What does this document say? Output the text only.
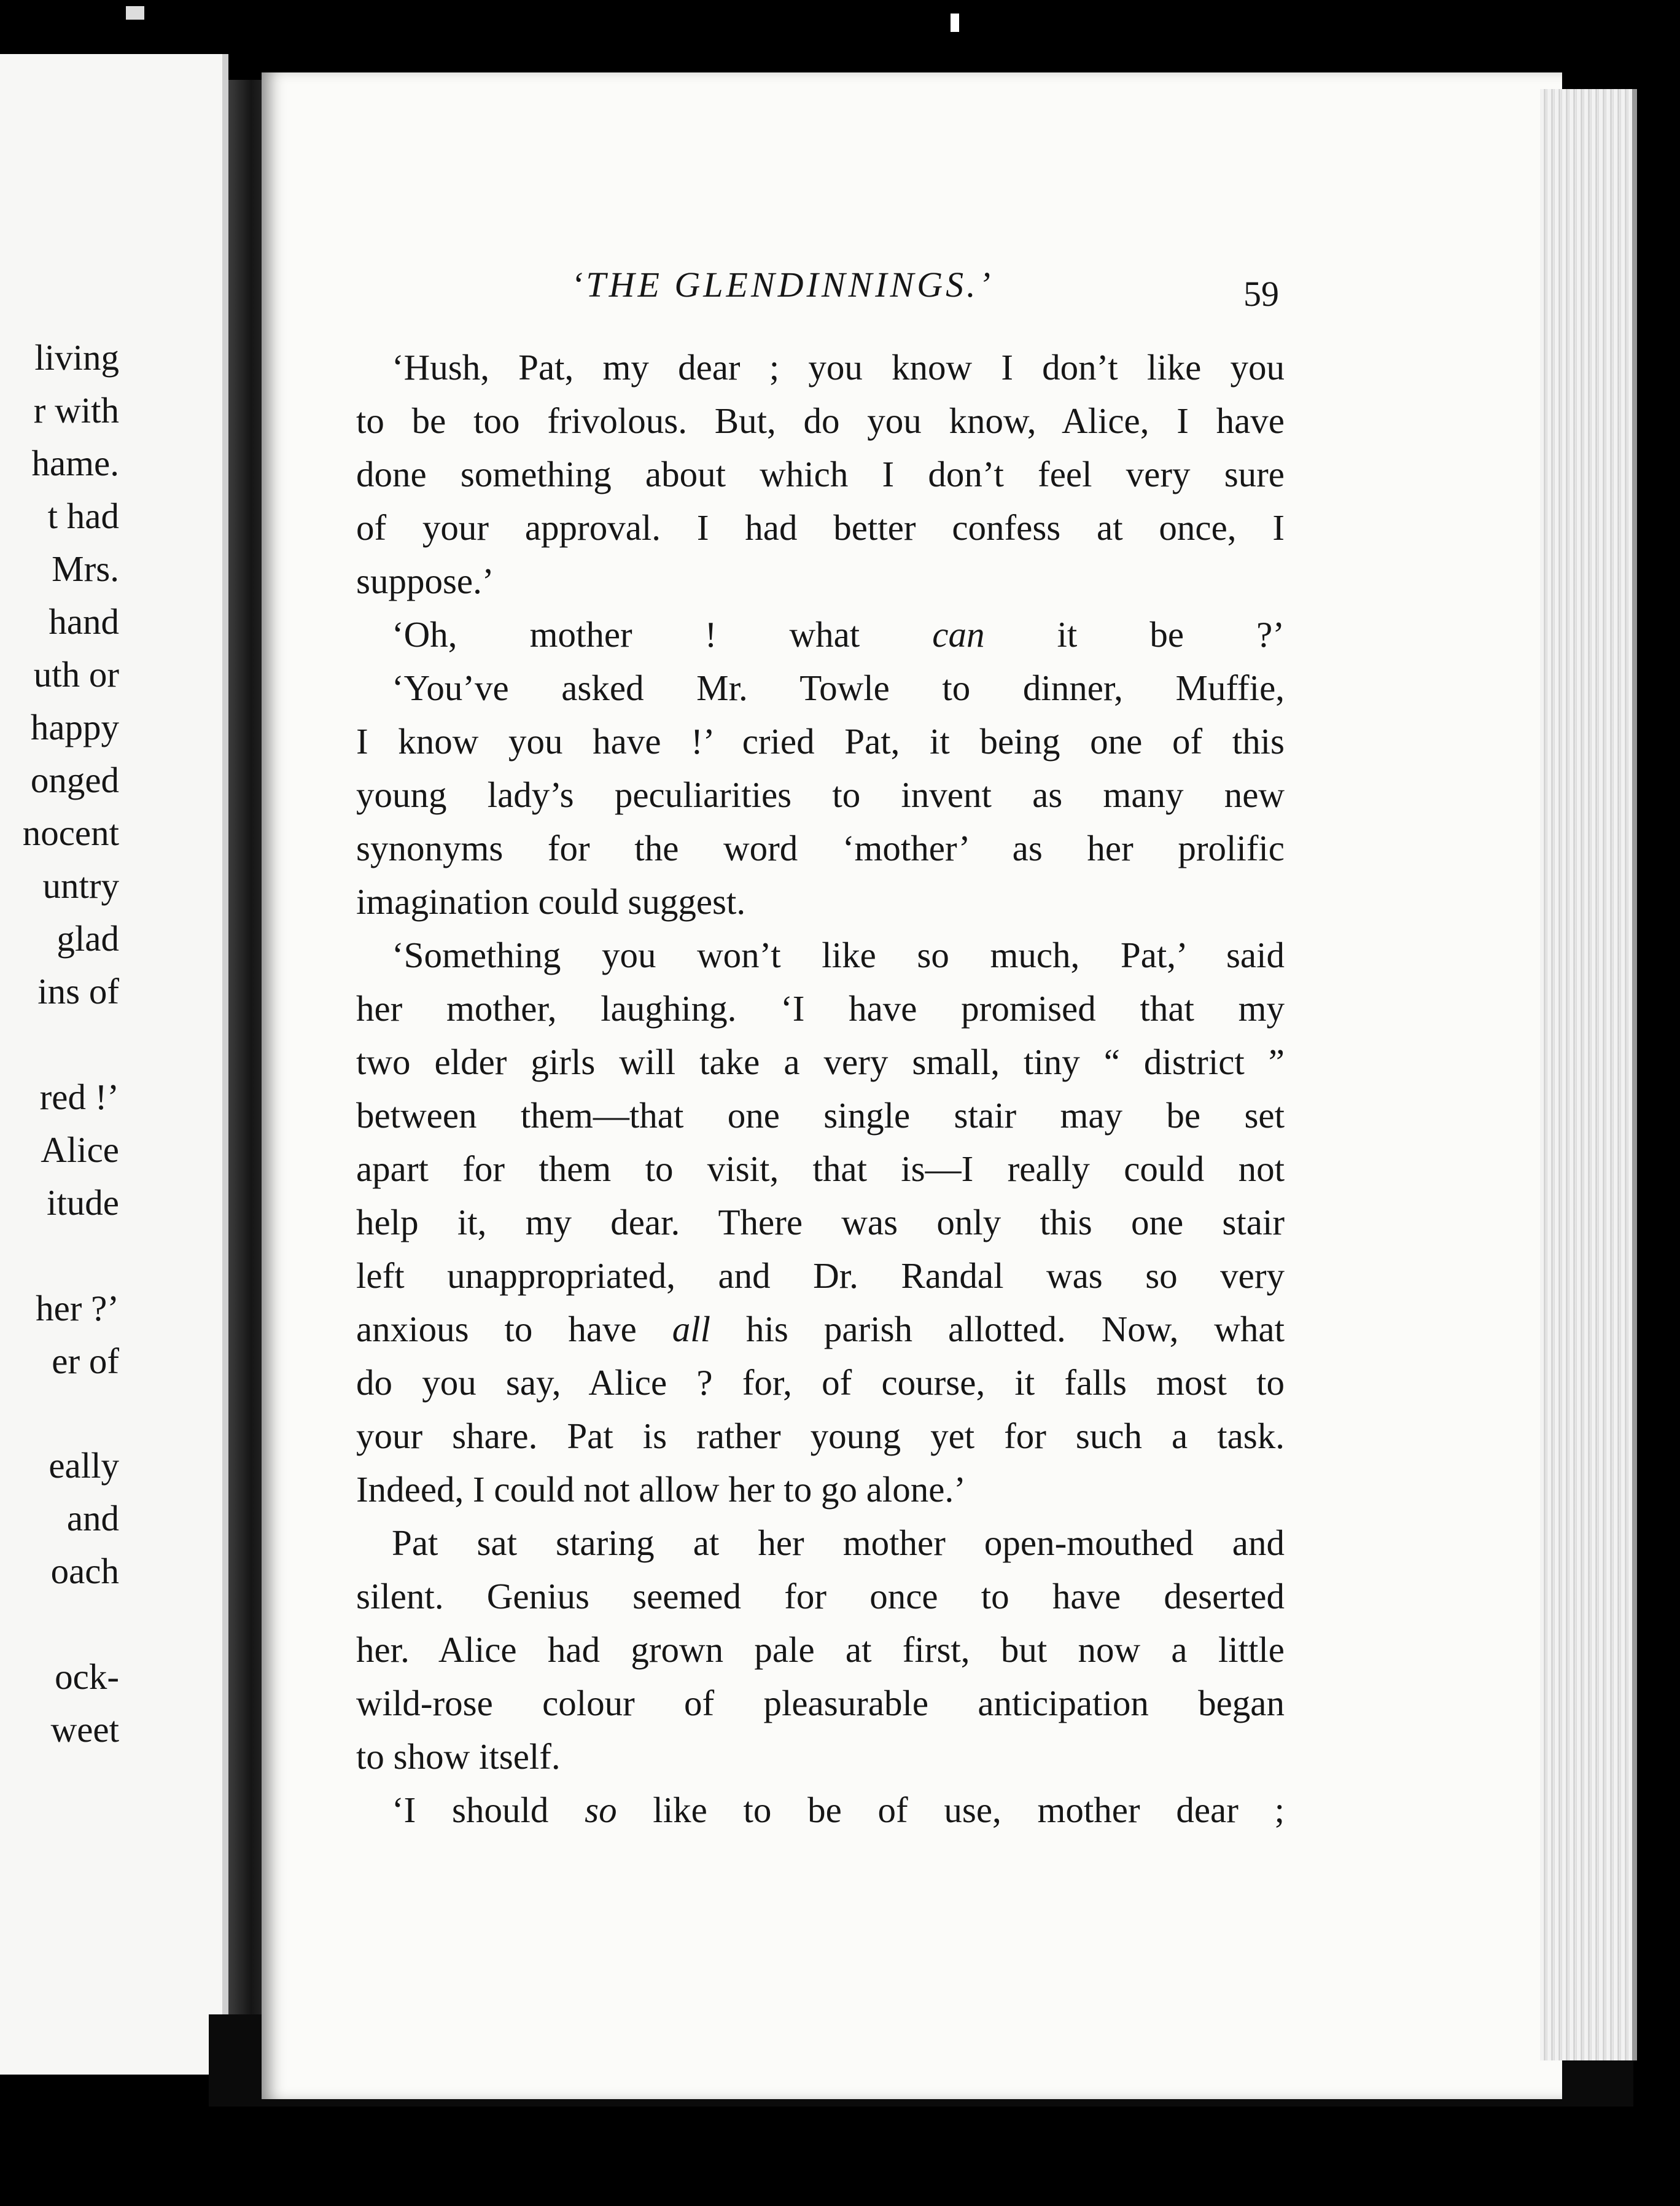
living
r with
hame.
t had
Mrs.
hand
uth or
happy
onged
nocent
untry
glad
ins of
red !’
Alice
itude
her ?’
er of
eally
and
oach
ock-
weet
‘THE GLENDINNINGS.’	59
‘Hush, Pat, my dear ; you know I don’t like you
to be too frivolous. But, do you know, Alice, I have
done something about which I don’t feel very sure
of your approval. I had better confess at once, I
suppose.’
‘Oh, mother ! what can it be ?’
‘You’ve asked Mr. Towle to dinner, Muffie,
I know you have !’ cried Pat, it being one of this
young lady’s peculiarities to invent as many new
synonyms for the word ‘mother’ as her prolific
imagination could suggest.
‘Something you won’t like so much, Pat,’ said
her mother, laughing. ‘I have promised that my
two elder girls will take a very small, tiny “ district ”
between them—that one single stair may be set
apart for them to visit, that is—I really could not
help it, my dear. There was only this one stair
left unappropriated, and Dr. Randal was so very
anxious to have all his parish allotted. Now, what
do you say, Alice ? for, of course, it falls most to
your share. Pat is rather young yet for such a task.
Indeed, I could not allow her to go alone.’
Pat sat staring at her mother open-mouthed and
silent. Genius seemed for once to have deserted
her. Alice had grown pale at first, but now a little
wild-rose colour of pleasurable anticipation began
to show itself.
‘I should so like to be of use, mother dear ;
